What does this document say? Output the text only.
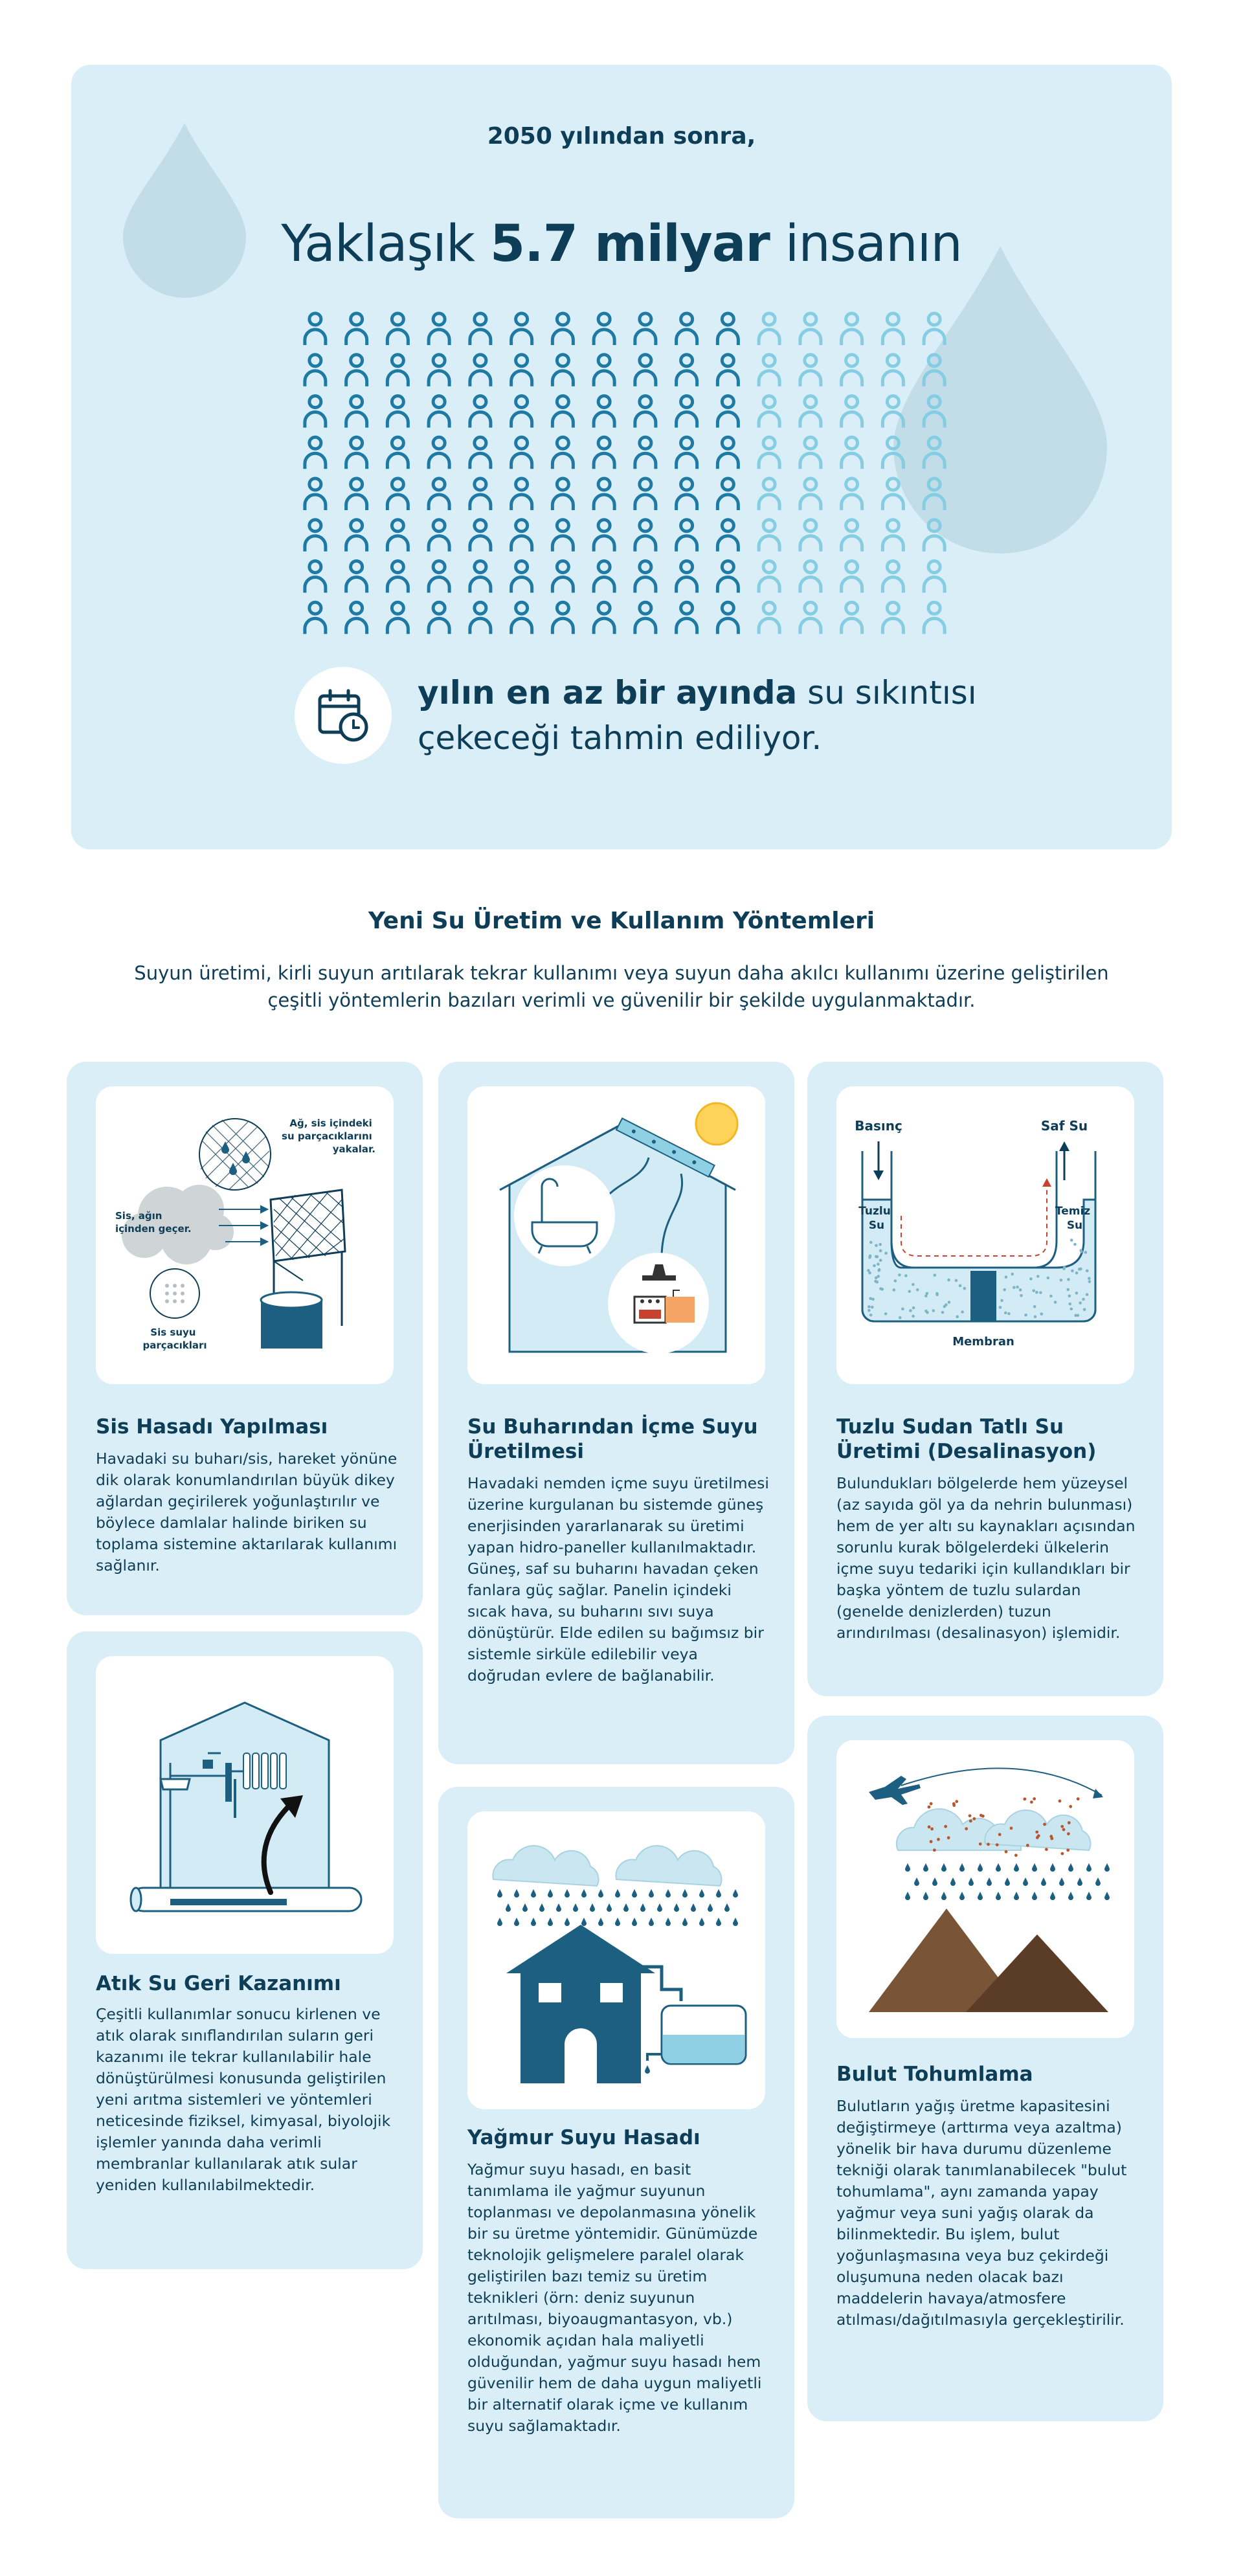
2050 yılından sonra,
Yaklaşık 5.7 milyar insanın
yılın en az bir ayında su sıkıntısı
çekeceği tahmin ediliyor.
Yeni Su Üretim ve Kullanım Yöntemleri
Suyun üretimi, kirli suyun arıtılarak tekrar kullanımı veya suyun daha akılcı kullanımı üzerine geliştirilen çeşitli yöntemlerin bazıları verimli ve güvenilir bir şekilde uygulanmaktadır.
Ağ, sis içindeki su parçacıklarını yakalar.
Sis, ağın içinden geçer.
Sis suyu parçacıkları
Sis Hasadı Yapılması

Havadaki su buharı/sis, hareket yönüne dik olarak konumlandırılan büyük dikey ağlardan geçirilerek yoğunlaştırılır ve böylece damlalar halinde biriken su toplama sistemine aktarılarak kullanımı sağlanır.

Su Buharından İçme Suyu Üretilmesi

Havadaki nemden içme suyu üretilmesi üzerine kurgulanan bu sistemde güneş enerjisinden yararlanarak su üretimi yapan hidro-paneller kullanılmaktadır. Güneş, saf su buharını havadan çeken fanlara güç sağlar. Panelin içindeki sıcak hava, su buharını sıvı suya dönüştürür. Elde edilen su bağımsız bir sistemle sirküle edilebilir veya doğrudan evlere de bağlanabilir.

Basınç	Saf Su
Tuzlu Su
Temiz Su
Membran
Tuzlu Sudan Tatlı Su Üretimi (Desalinasyon)

Bulundukları bölgelerde hem yüzeysel (az sayıda göl ya da nehrin bulunması) hem de yer altı su kaynakları açısından sorunlu kurak bölgelerdeki ülkelerin içme suyu tedariki için kullandıkları bir başka yöntem de tuzlu sulardan (genelde denizlerden) tuzun arındırılması (desalinasyon) işlemidir.

Atık Su Geri Kazanımı

Çeşitli kullanımlar sonucu kirlenen ve atık olarak sınıflandırılan suların geri kazanımı ile tekrar kullanılabilir hale dönüştürülmesi konusunda geliştirilen yeni arıtma sistemleri ve yöntemleri neticesinde fiziksel, kimyasal, biyolojik işlemler yanında daha verimli membranlar kullanılarak atık sular yeniden kullanılabilmektedir.

Yağmur Suyu Hasadı

Yağmur suyu hasadı, en basit tanımlama ile yağmur suyunun toplanması ve depolanmasına yönelik bir su üretme yöntemidir. Günümüzde teknolojik gelişmelere paralel olarak geliştirilen bazı temiz su üretim teknikleri (örn: deniz suyunun arıtılması, biyoaugmantasyon, vb.) ekonomik açıdan hala maliyetli olduğundan, yağmur suyu hasadı hem güvenilir hem de daha uygun maliyetli bir alternatif olarak içme ve kullanım suyu sağlamaktadır.

Bulut Tohumlama

Bulutların yağış üretme kapasitesini değiştirmeye (arttırma veya azaltma) yönelik bir hava durumu düzenleme tekniği olarak tanımlanabilecek "bulut tohumlama", aynı zamanda yapay yağmur veya suni yağış olarak da bilinmektedir. Bu işlem, bulut yoğunlaşmasına veya buz çekirdeği oluşumuna neden olacak bazı maddelerin havaya/atmosfere atılması/dağıtılmasıyla gerçekleştirilir.
